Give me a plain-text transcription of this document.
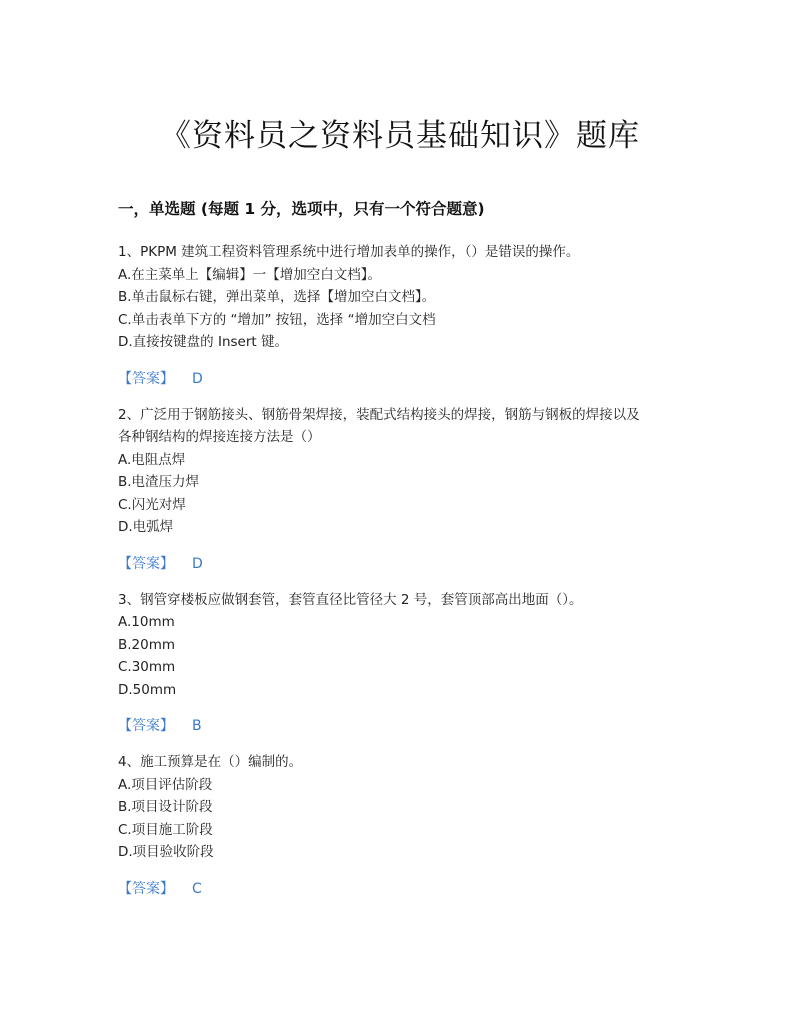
《资料员之资料员基础知识》题库
一，单选题 (每题 1 分，选项中，只有一个符合题意)
1、PKPM 建筑工程资料管理系统中进行增加表单的操作，（）是错误的操作。
A.在主菜单上【编辑】一【增加空白文档】。
B.单击鼠标右键，弹出菜单，选择【增加空白文档】。
C.单击表单下方的 “增加” 按钮，选择 “增加空白文档
D.直接按键盘的 Insert 键。
【答案】 D
2、广泛用于钢筋接头、钢筋骨架焊接，装配式结构接头的焊接，钢筋与钢板的焊接以及
各种钢结构的焊接连接方法是（）
A.电阻点焊
B.电渣压力焊
C.闪光对焊
D.电弧焊
【答案】 D
3、钢管穿楼板应做钢套管，套管直径比管径大 2 号，套管顶部高出地面（）。
A.10mm
B.20mm
C.30mm
D.50mm
【答案】 B
4、施工预算是在（）编制的。
A.项目评估阶段
B.项目设计阶段
C.项目施工阶段
D.项目验收阶段
【答案】 C
